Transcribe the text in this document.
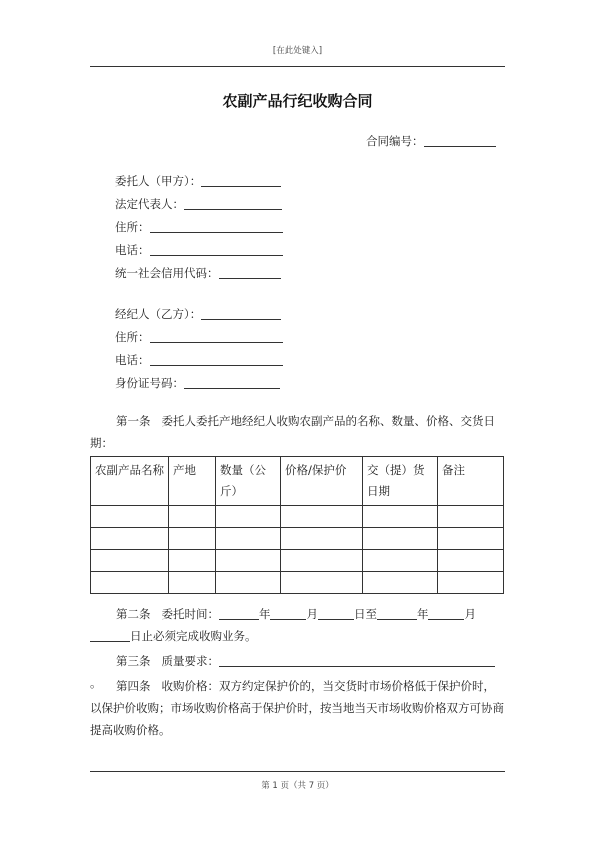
[在此处键入]
农副产品行纪收购合同
合同编号：
委托人（甲方）：
法定代表人：
住所：
电话：
统一社会信用代码：
经纪人（乙方）：
住所：
电话：
身份证号码：
第一条 委托人委托产地经纪人收购农副产品的名称、数量、价格、交货日期：
农副产品名称	产地	数量（公斤）	价格/保护价	交（提）货日期	备注

第二条 委托时间：	年	月	日至	年	月
日止必须完成收购业务。
第三条 质量要求：。	第四条 收购价格：双方约定保护价的，当交货时市场价格低于保护价时，以保护价收购；市场收购价格高于保护价时，按当地当天市场收购价格双方可协商提高收购价格。
第 1 页（共 7 页）
